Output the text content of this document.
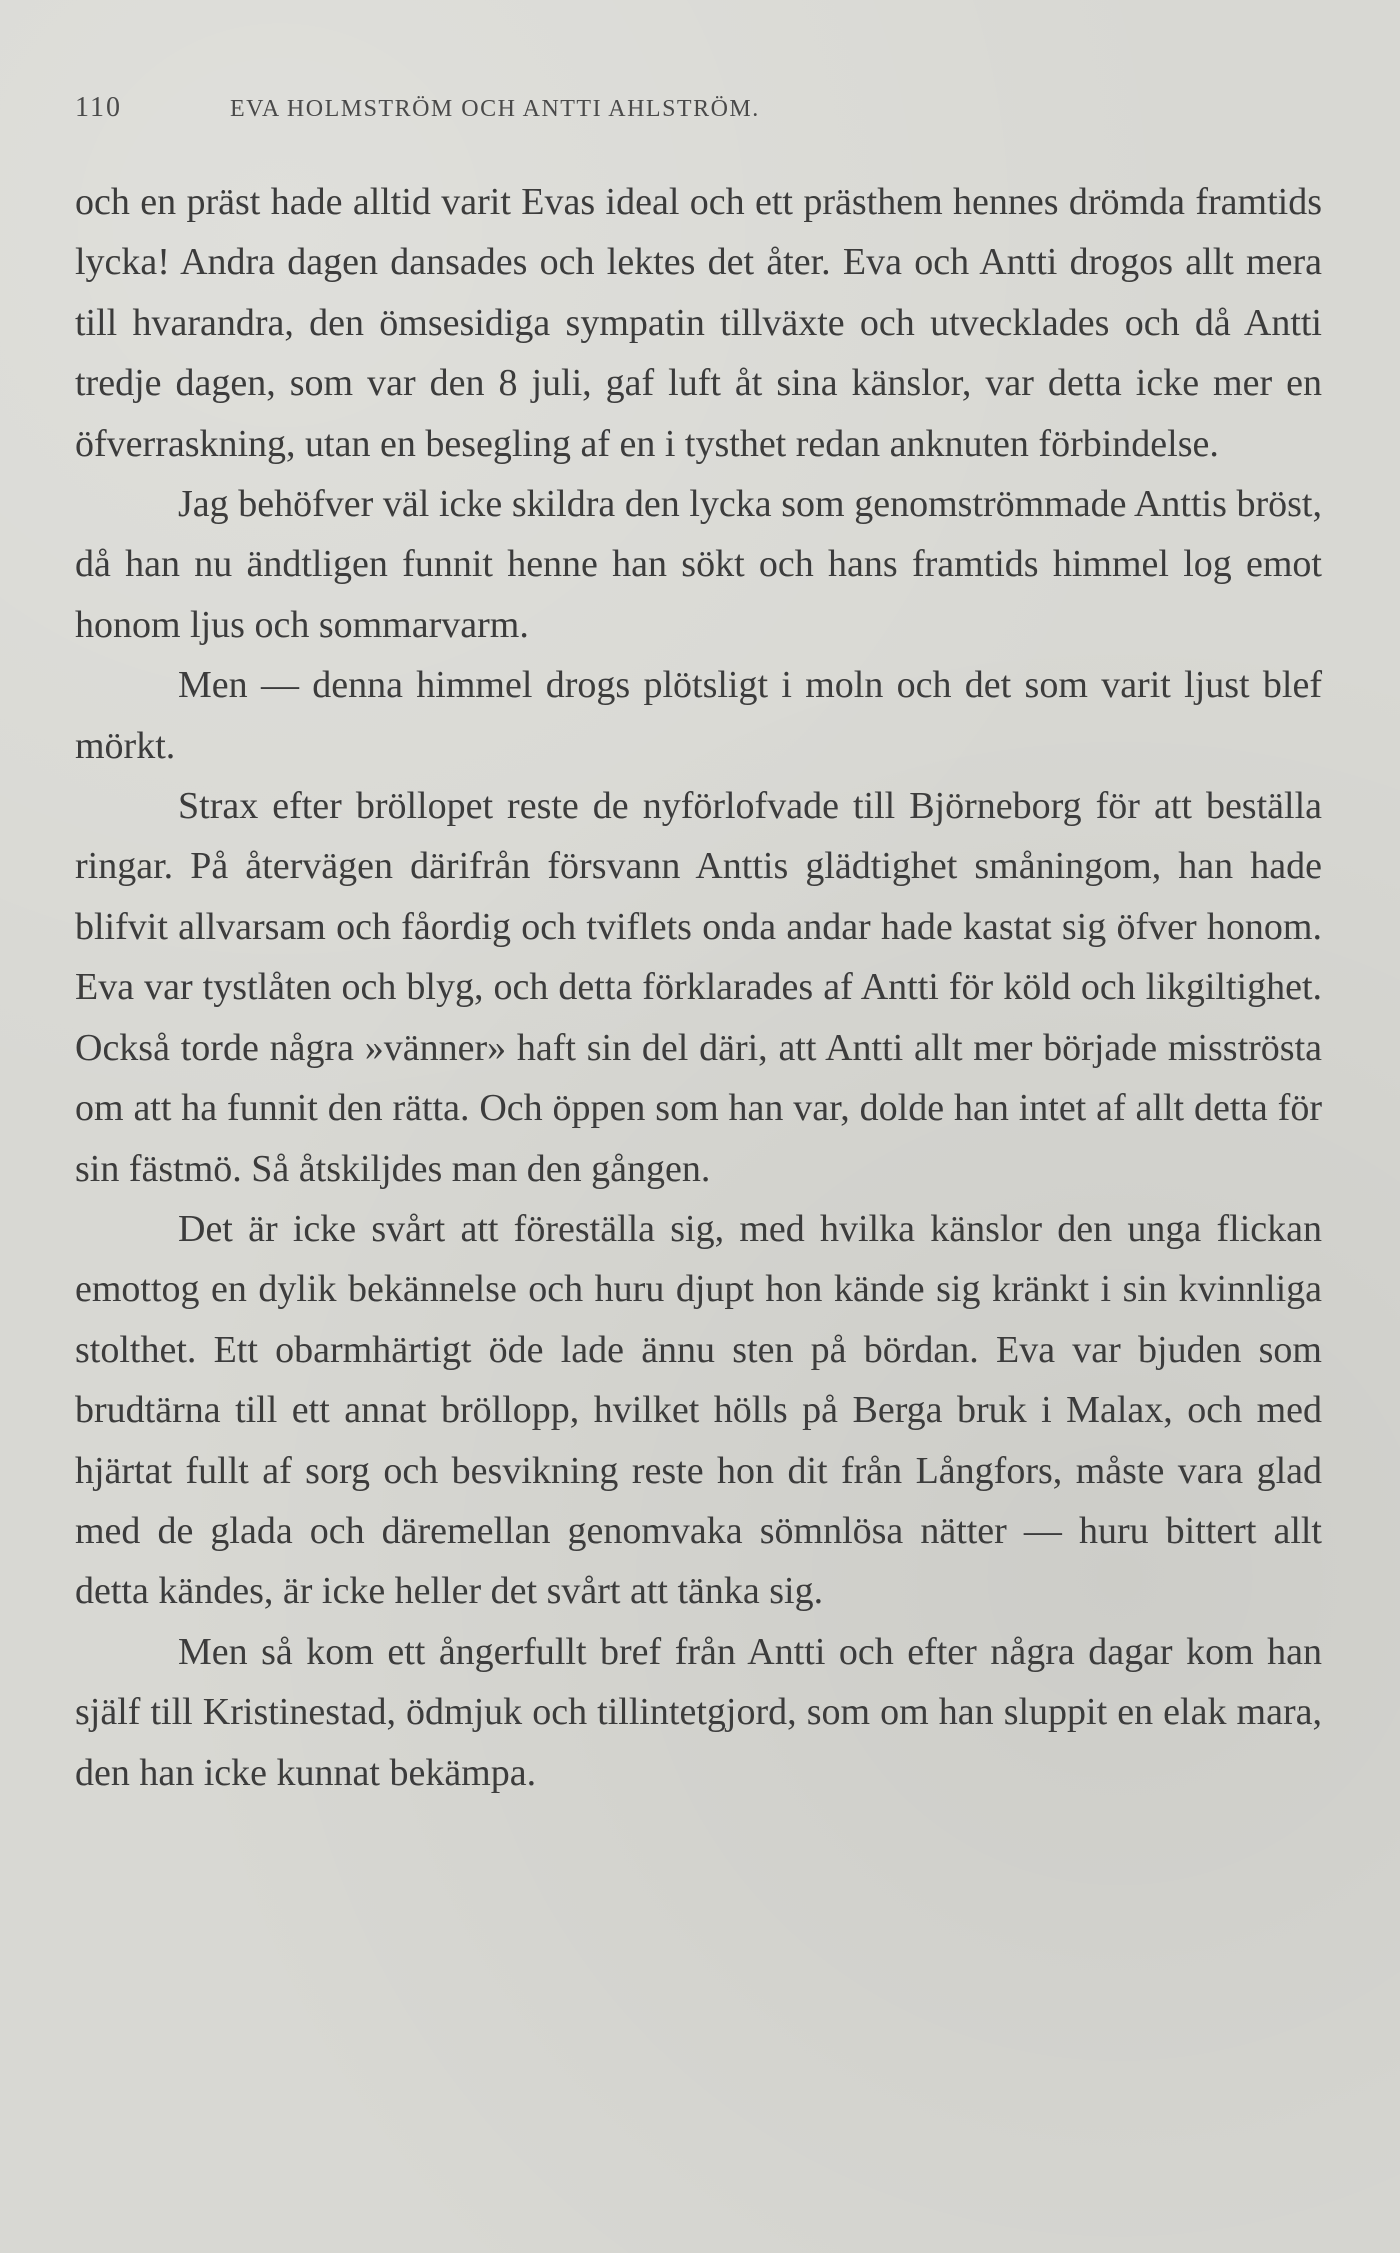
110	EVA HOLMSTRÖM OCH ANTTI AHLSTRÖM.

och en präst hade alltid varit Evas ideal och ett prästhem hennes drömda framtids lycka! Andra dagen dansades och lektes det åter. Eva och Antti drogos allt mera till hvarandra, den ömsesidiga sympatin tillväxte och utvecklades och då Antti tredje dagen, som var den 8 juli, gaf luft åt sina känslor, var detta icke mer en öfverraskning, utan en besegling af en i tysthet redan anknuten förbindelse.

Jag behöfver väl icke skildra den lycka som genomströmmade Anttis bröst, då han nu ändtligen funnit henne han sökt och hans framtids himmel log emot honom ljus och sommarvarm.

Men — denna himmel drogs plötsligt i moln och det som varit ljust blef mörkt.

Strax efter bröllopet reste de nyförlofvade till Björneborg för att beställa ringar. På återvägen därifrån försvann Anttis glädtighet småningom, han hade blifvit allvarsam och fåordig och tviflets onda andar hade kastat sig öfver honom. Eva var tystlåten och blyg, och detta förklarades af Antti för köld och likgiltighet. Också torde några »vänner» haft sin del däri, att Antti allt mer började misströsta om att ha funnit den rätta. Och öppen som han var, dolde han intet af allt detta för sin fästmö. Så åtskiljdes man den gången.

Det är icke svårt att föreställa sig, med hvilka känslor den unga flickan emottog en dylik bekännelse och huru djupt hon kände sig kränkt i sin kvinnliga stolthet. Ett obarmhärtigt öde lade ännu sten på bördan. Eva var bjuden som brudtärna till ett annat bröllopp, hvilket hölls på Berga bruk i Malax, och med hjärtat fullt af sorg och besvikning reste hon dit från Långfors, måste vara glad med de glada och däremellan genomvaka sömnlösa nätter — huru bittert allt detta kändes, är icke heller det svårt att tänka sig.

Men så kom ett ångerfullt bref från Antti och efter några dagar kom han själf till Kristinestad, ödmjuk och tillintetgjord, som om han sluppit en elak mara, den han icke kunnat bekämpa.
